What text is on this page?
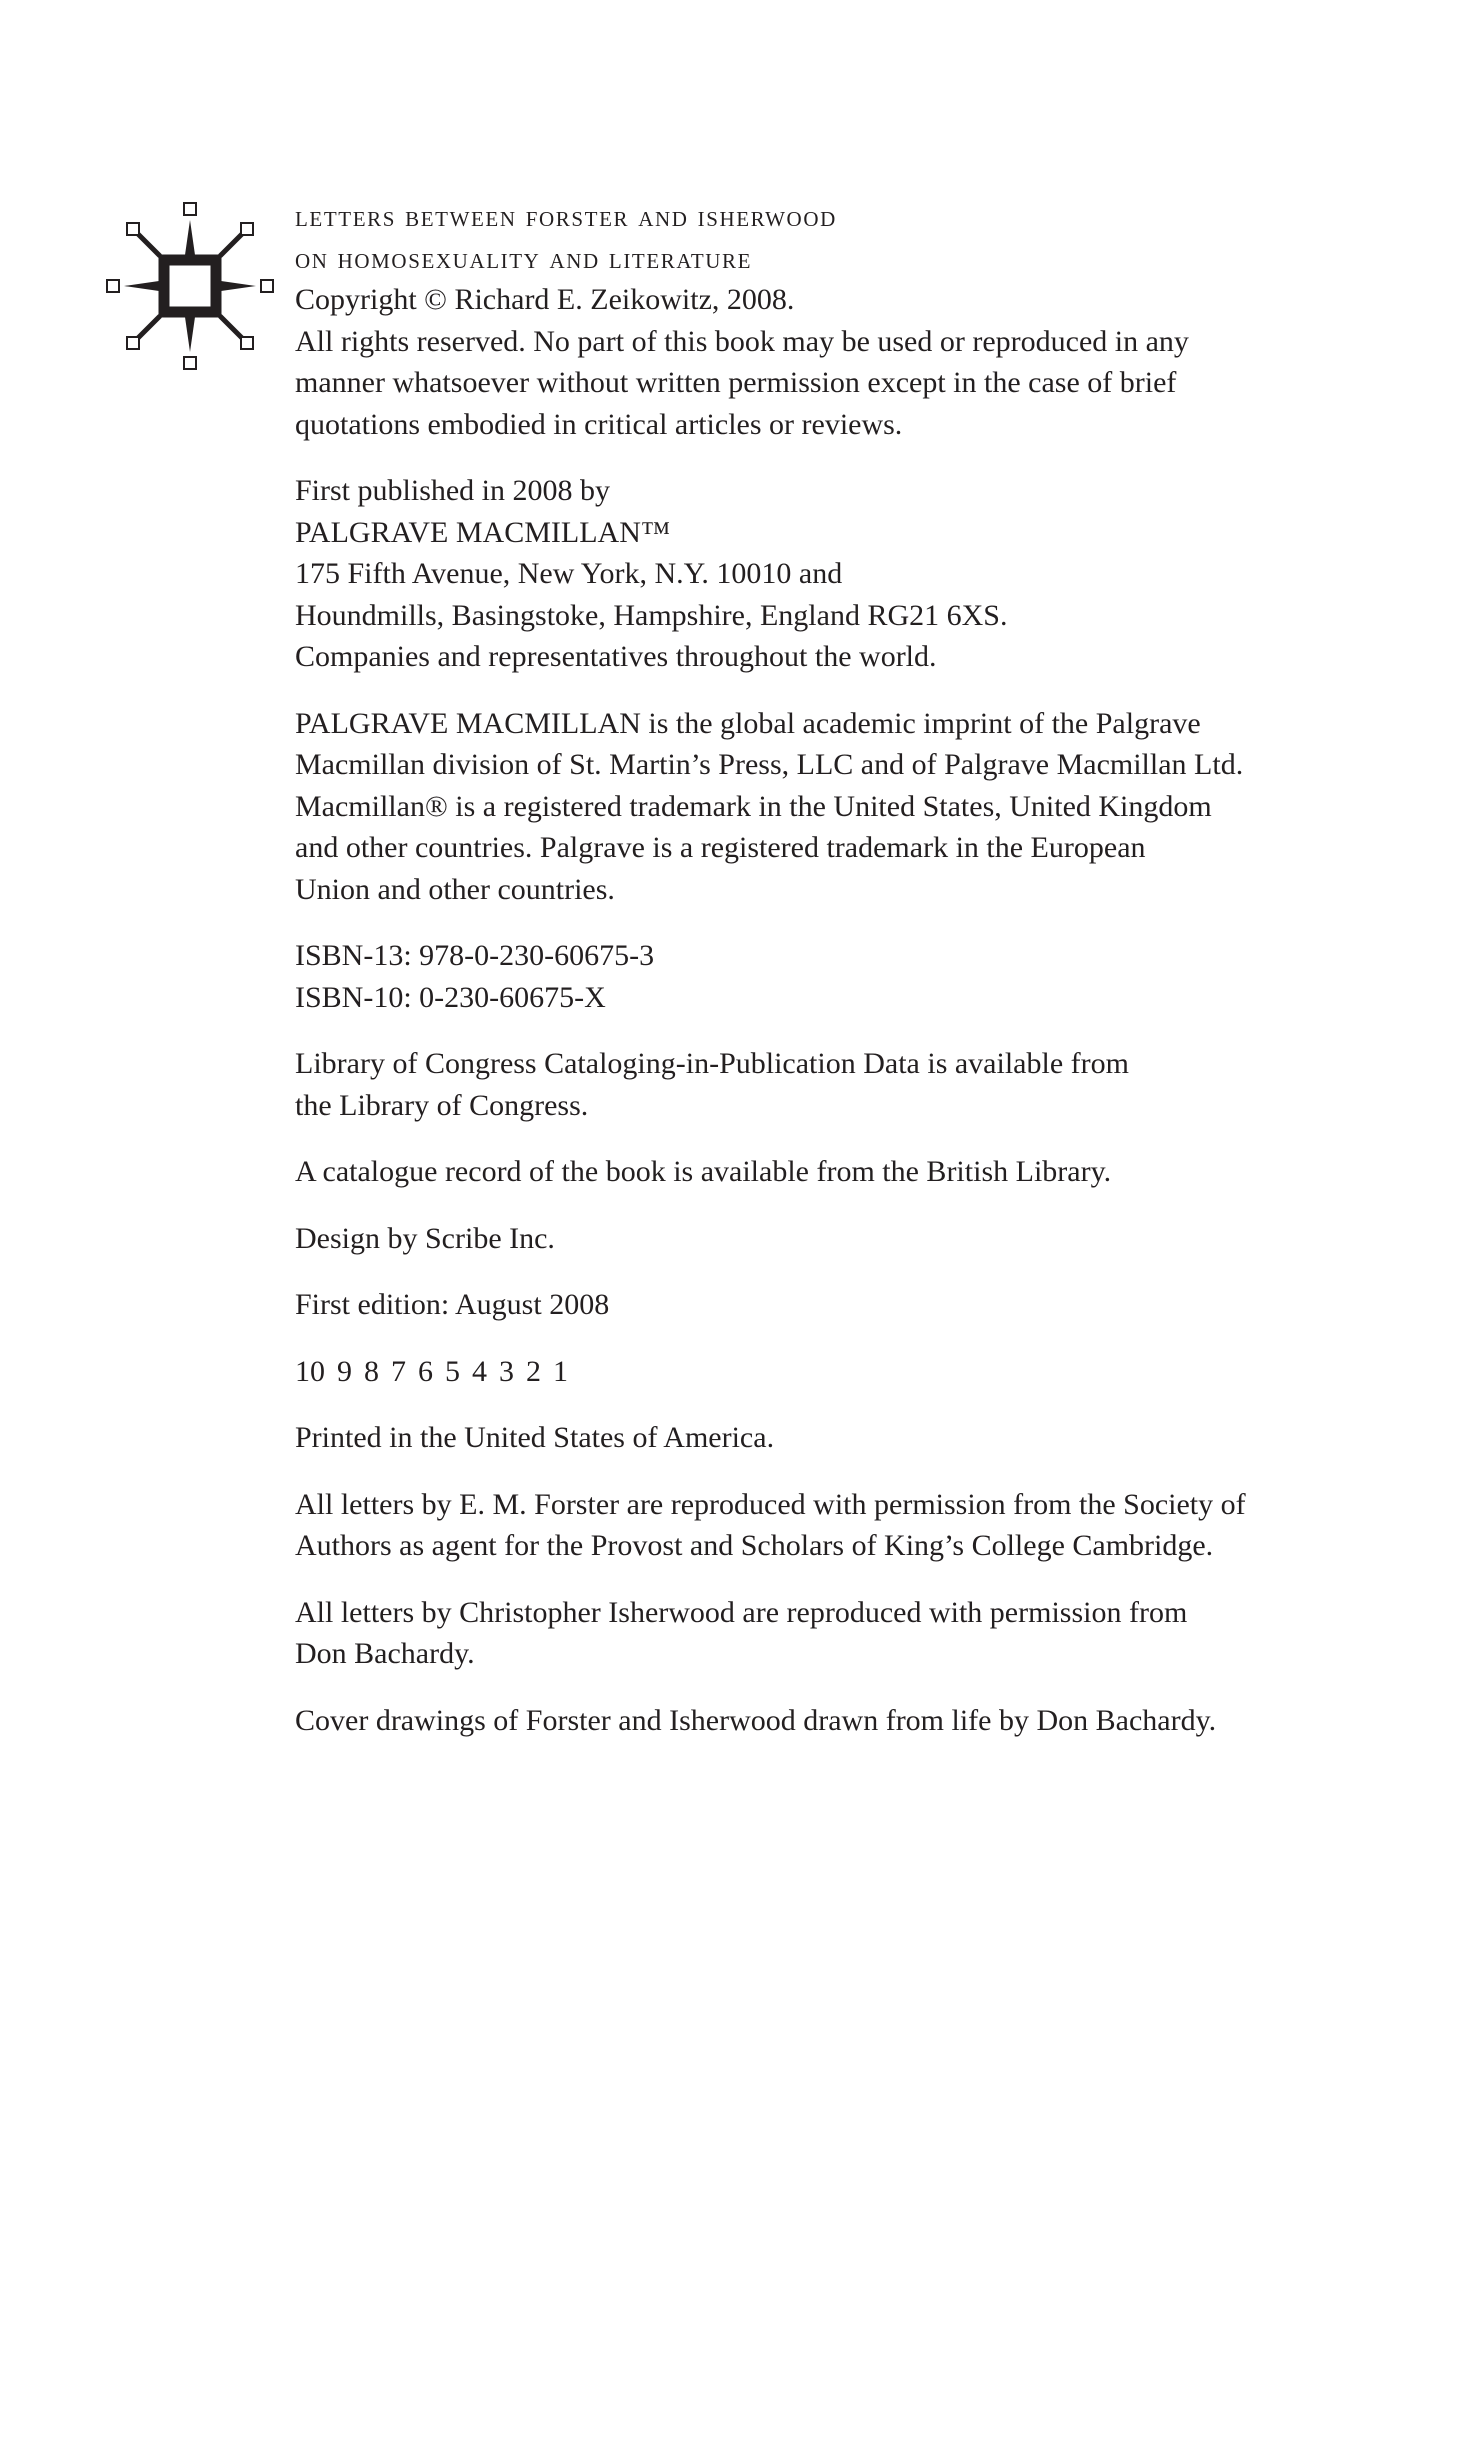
letters between forster and isherwood
on homosexuality and literature

Copyright © Richard E. Zeikowitz, 2008.
All rights reserved. No part of this book may be used or reproduced in any
manner whatsoever without written permission except in the case of brief
quotations embodied in critical articles or reviews.

First published in 2008 by
PALGRAVE MACMILLAN™
175 Fifth Avenue, New York, N.Y. 10010 and
Houndmills, Basingstoke, Hampshire, England RG21 6XS.
Companies and representatives throughout the world.

PALGRAVE MACMILLAN is the global academic imprint of the Palgrave
Macmillan division of St. Martin’s Press, LLC and of Palgrave Macmillan Ltd.
Macmillan® is a registered trademark in the United States, United Kingdom
and other countries. Palgrave is a registered trademark in the European
Union and other countries.

ISBN-13: 978-0-230-60675-3
ISBN-10: 0-230-60675-X

Library of Congress Cataloging-in-Publication Data is available from
the Library of Congress.

A catalogue record of the book is available from the British Library.

Design by Scribe Inc.

First edition: August 2008

10 9 8 7 6 5 4 3 2 1

Printed in the United States of America.

All letters by E. M. Forster are reproduced with permission from the Society of
Authors as agent for the Provost and Scholars of King’s College Cambridge.

All letters by Christopher Isherwood are reproduced with permission from
Don Bachardy.

Cover drawings of Forster and Isherwood drawn from life by Don Bachardy.
